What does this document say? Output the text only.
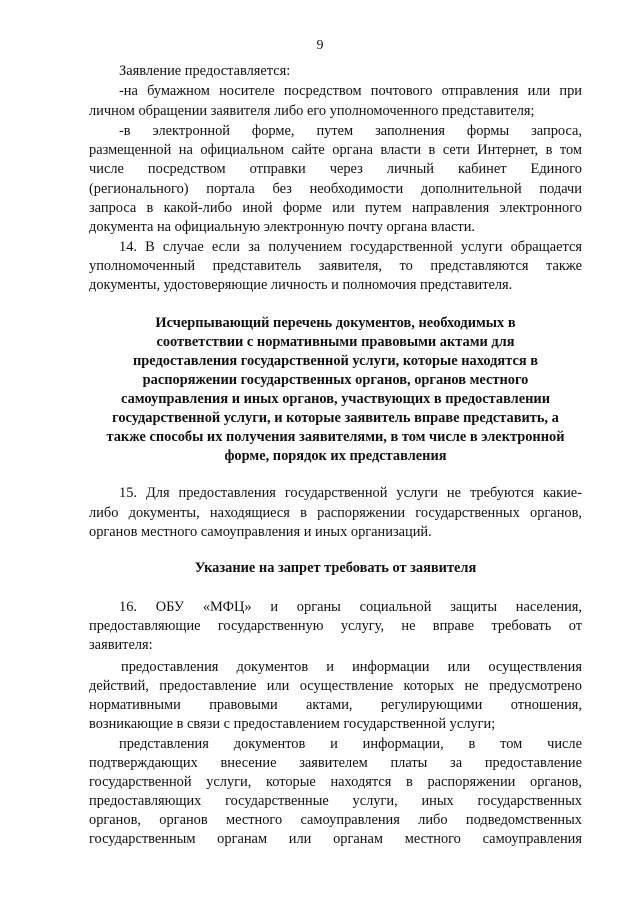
9
Заявление предоставляется:
-на бумажном носителе посредством почтового отправления или при
личном обращении заявителя либо его уполномоченного представителя;
-в электронной форме, путем заполнения формы запроса,
размещенной на официальном сайте органа власти в сети Интернет, в том
числе посредством отправки через личный кабинет Единого
(регионального) портала без необходимости дополнительной подачи
запроса в какой-либо иной форме или путем направления электронного
документа на официальную электронную почту органа власти.
14. В случае если за получением государственной услуги обращается
уполномоченный представитель заявителя, то представляются также
документы, удостоверяющие личность и полномочия представителя.
Исчерпывающий перечень документов, необходимых в
соответствии с нормативными правовыми актами для
предоставления государственной услуги, которые находятся в
распоряжении государственных органов, органов местного
самоуправления и иных органов, участвующих в предоставлении
государственной услуги, и которые заявитель вправе представить, а
также способы их получения заявителями, в том числе в электронной
форме, порядок их представления
15. Для предоставления государственной услуги не требуются какие-
либо документы, находящиеся в распоряжении государственных органов,
органов местного самоуправления и иных организаций.
Указание на запрет требовать от заявителя
16. ОБУ «МФЦ» и органы социальной защиты населения,
предоставляющие государственную услугу, не вправе требовать от
заявителя:
предоставления документов и информации или осуществления
действий, предоставление или осуществление которых не предусмотрено
нормативными правовыми актами, регулирующими отношения,
возникающие в связи с предоставлением государственной услуги;
представления документов и информации, в том числе
подтверждающих внесение заявителем платы за предоставление
государственной услуги, которые находятся в распоряжении органов,
предоставляющих государственные услуги, иных государственных
органов, органов местного самоуправления либо подведомственных
государственным органам или органам местного самоуправления
